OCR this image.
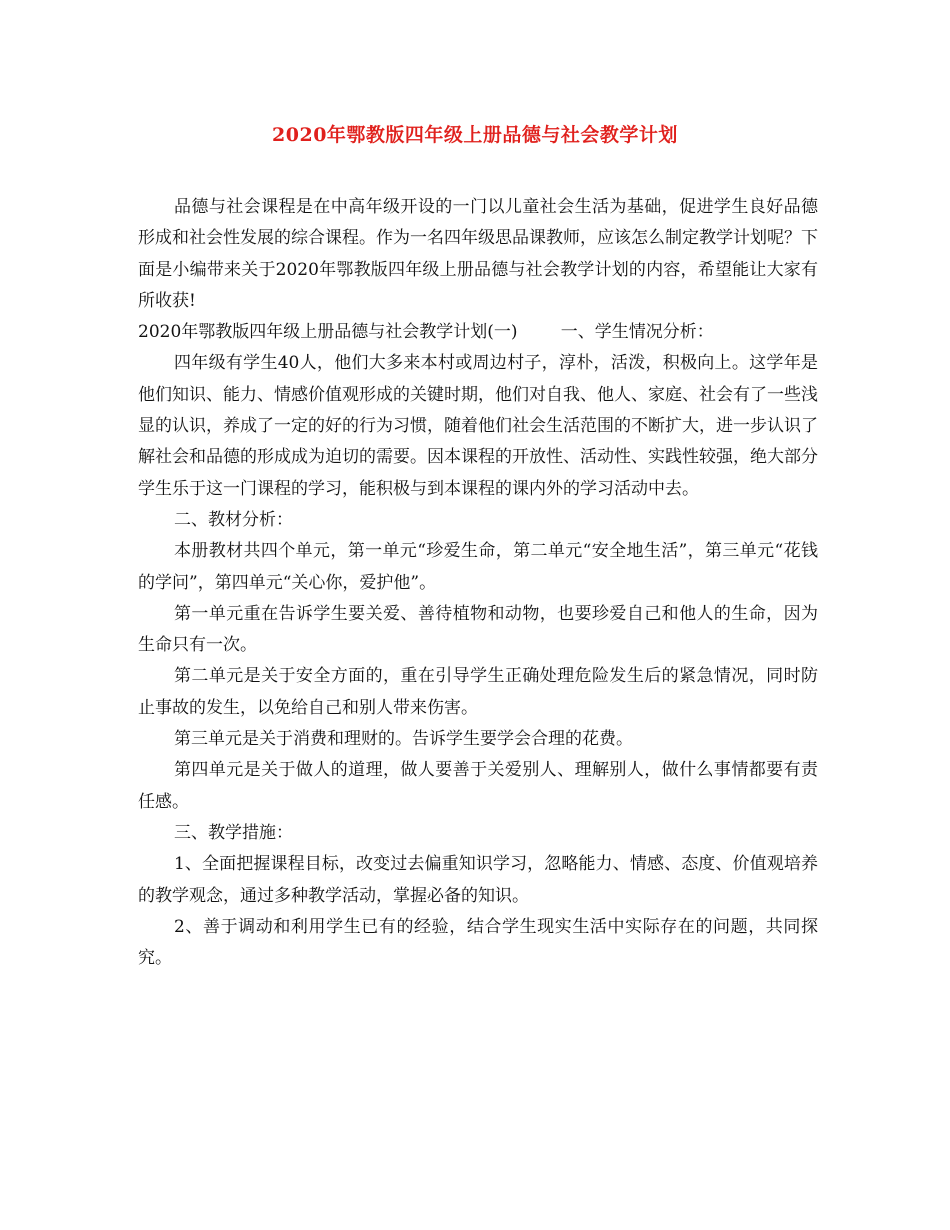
2020年鄂教版四年级上册品德与社会教学计划

品德与社会课程是在中高年级开设的一门以儿童社会生活为基础，促进学生良好品德形成和社会性发展的综合课程。作为一名四年级思品课教师，应该怎么制定教学计划呢？下面是小编带来关于2020年鄂教版四年级上册品德与社会教学计划的内容，希望能让大家有所收获!

2020年鄂教版四年级上册品德与社会教学计划(一)	一、学生情况分析：

四年级有学生40人，他们大多来本村或周边村子，淳朴，活泼，积极向上。这学年是他们知识、能力、情感价值观形成的关键时期，他们对自我、他人、家庭、社会有了一些浅显的认识，养成了一定的好的行为习惯，随着他们社会生活范围的不断扩大，进一步认识了解社会和品德的形成成为迫切的需要。因本课程的开放性、活动性、实践性较强，绝大部分学生乐于这一门课程的学习，能积极与到本课程的课内外的学习活动中去。

二、教材分析：

本册教材共四个单元，第一单元“珍爱生命，第二单元“安全地生活”，第三单元“花钱的学问”，第四单元“关心你，爱护他”。

第一单元重在告诉学生要关爱、善待植物和动物，也要珍爱自己和他人的生命，因为生命只有一次。

第二单元是关于安全方面的，重在引导学生正确处理危险发生后的紧急情况，同时防止事故的发生，以免给自己和别人带来伤害。

第三单元是关于消费和理财的。告诉学生要学会合理的花费。

第四单元是关于做人的道理，做人要善于关爱别人、理解别人，做什么事情都要有责任感。

三、教学措施：

1、全面把握课程目标，改变过去偏重知识学习，忽略能力、情感、态度、价值观培养的教学观念，通过多种教学活动，掌握必备的知识。

2、善于调动和利用学生已有的经验，结合学生现实生活中实际存在的问题，共同探究。
